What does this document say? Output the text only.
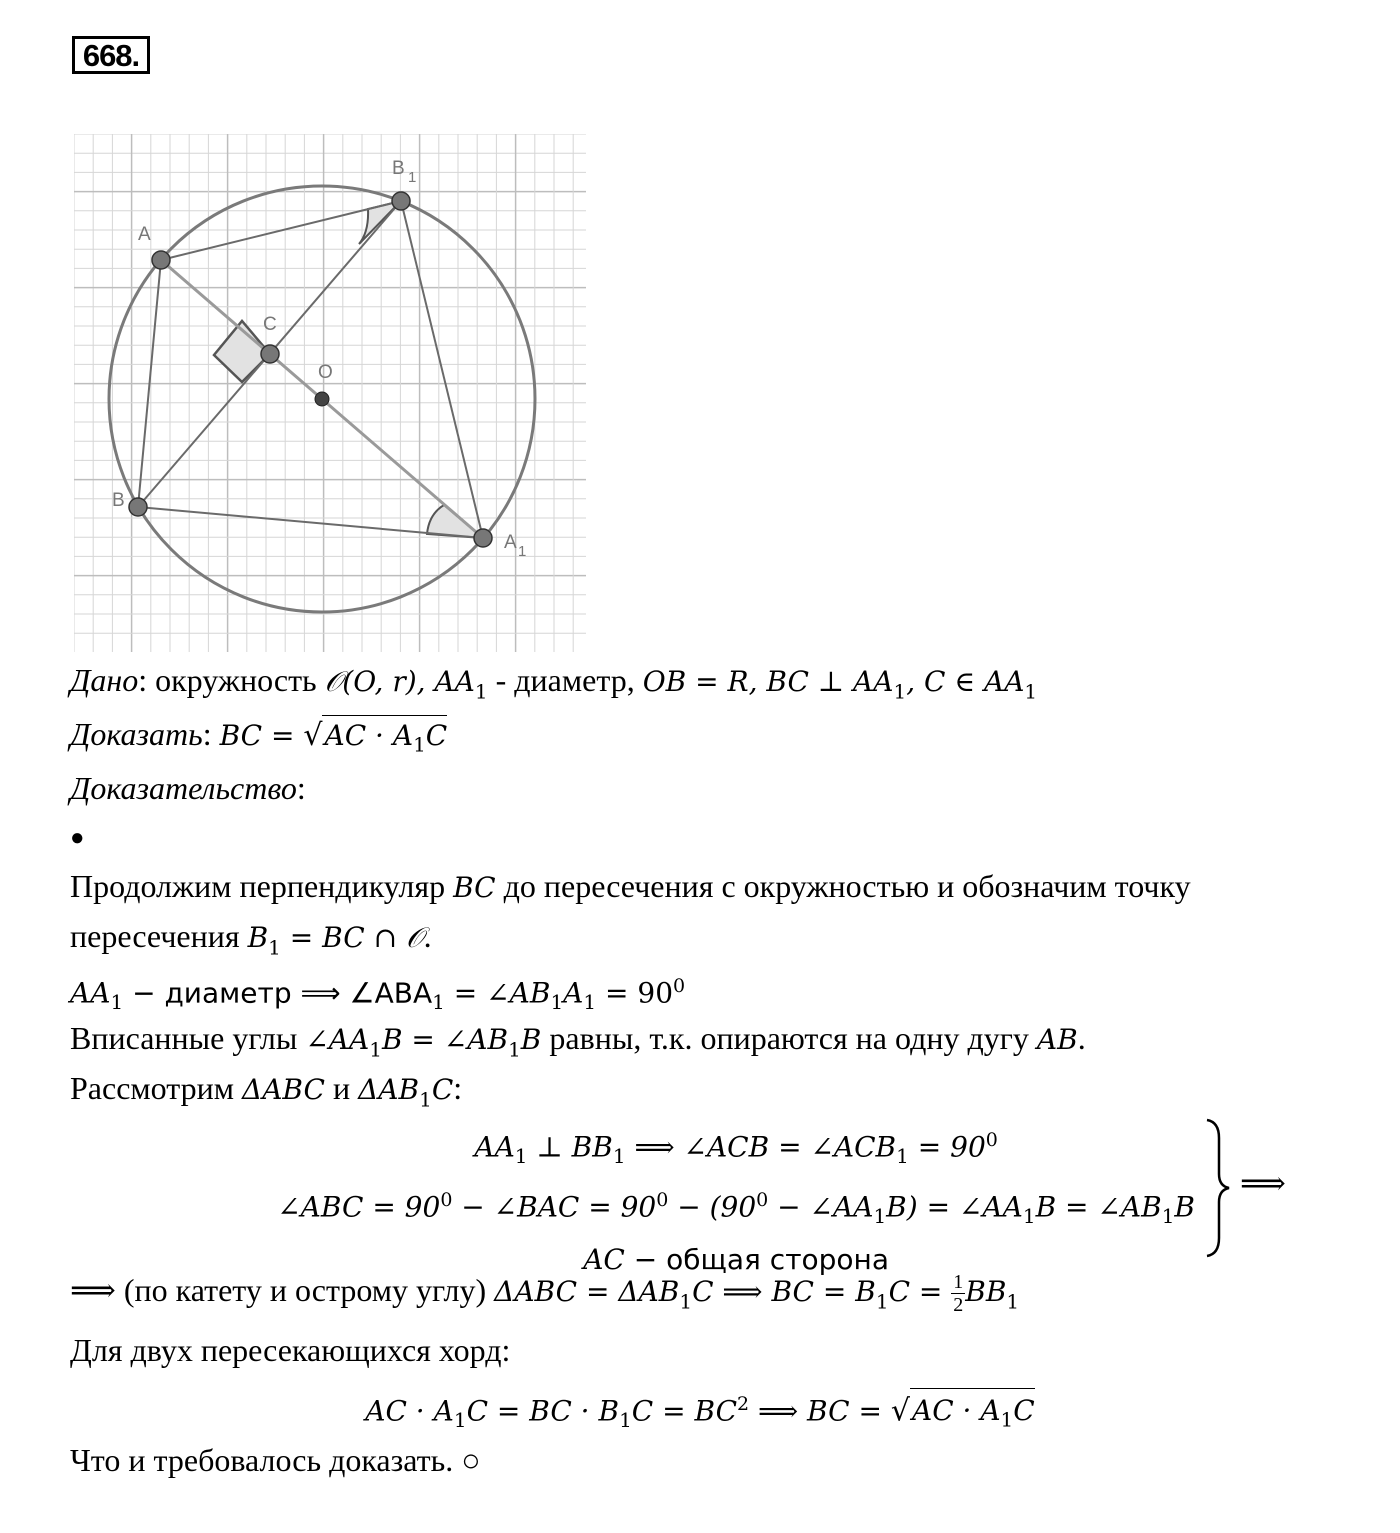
668.
A
C
O
B
B 1
A 1
Дано: окружность 𝒪(O, r), $AA_1$ - диаметр, OB = R, BC ⊥ $AA_1$, C ∈ $AA_1$
Доказать: BC = $√AC \cdot A_1C$
Доказательство:
●
Продолжим перпендикуляр BC до пересечения с окружностью и обозначим точку
пересечения $B_1$ = BC ∩ 𝒪.
$AA_1$ − диаметр ⟹ $\angle ABA_1$ = $\angle AB_1A_1 = 90^0$
Вписанные углы $\angle AA_1B$ = $\angle AB_1B$ равны, т.к. опираются на одну дугу AB.
Рассмотрим ΔABC и $\Delta AB_1C$:
$AA_1$ ⊥ $BB_1$ ⟹ ∠ACB = $\angle ACB_1 = 90^0$
∠ABC = $90^0$ − ∠BAC = $90^0 - (90^0$ − $\angle AA_1B$) = $\angle AA_1B$ = $\angle AB_1B$
AC − общая сторона
⟹
⟹ (по катету и острому углу) $\Delta ABC = \Delta AB_1C$ ⟹ BC = $B_1C = \frac{1}{2} BB_1$
Для двух пересекающихся хорд:
AC · $A_1C$ = BC · $B_1C = BC^2$ ⟹ BC = $√AC \cdot A_1C$
Что и требовалось доказать. ○
